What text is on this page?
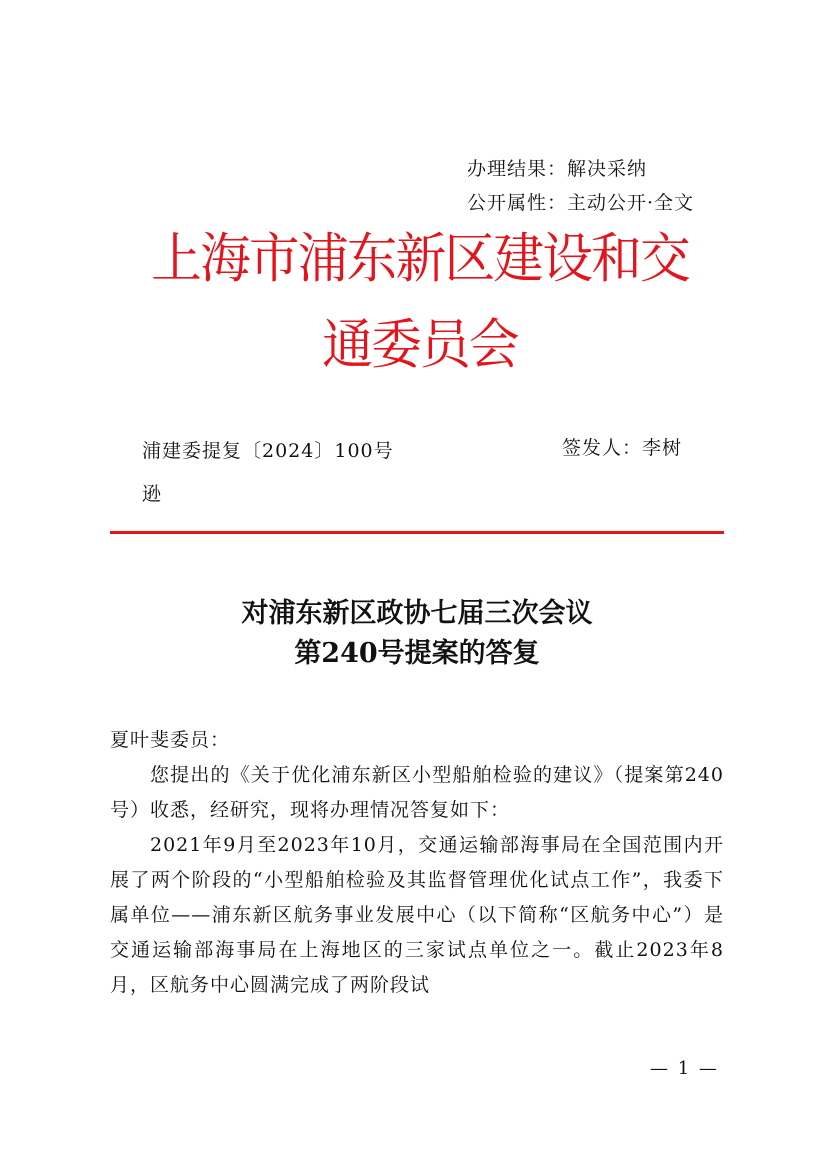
办理结果：解决采纳
公开属性：主动公开·全文
上海市浦东新区建设和交通委员会
浦建委提复〔2024〕100号	签发人：李树逊
对浦东新区政协七届三次会议
第240号提案的答复

夏叶斐委员：

您提出的《关于优化浦东新区小型船舶检验的建议》（提案第240号）收悉，经研究，现将办理情况答复如下：

2021年9月至2023年10月，交通运输部海事局在全国范围内开展了两个阶段的“小型船舶检验及其监督管理优化试点工作”，我委下属单位——浦东新区航务事业发展中心（以下简称“区航务中心”）是交通运输部海事局在上海地区的三家试点单位之一。截止2023年8月，区航务中心圆满完成了两阶段试

— 1 —
